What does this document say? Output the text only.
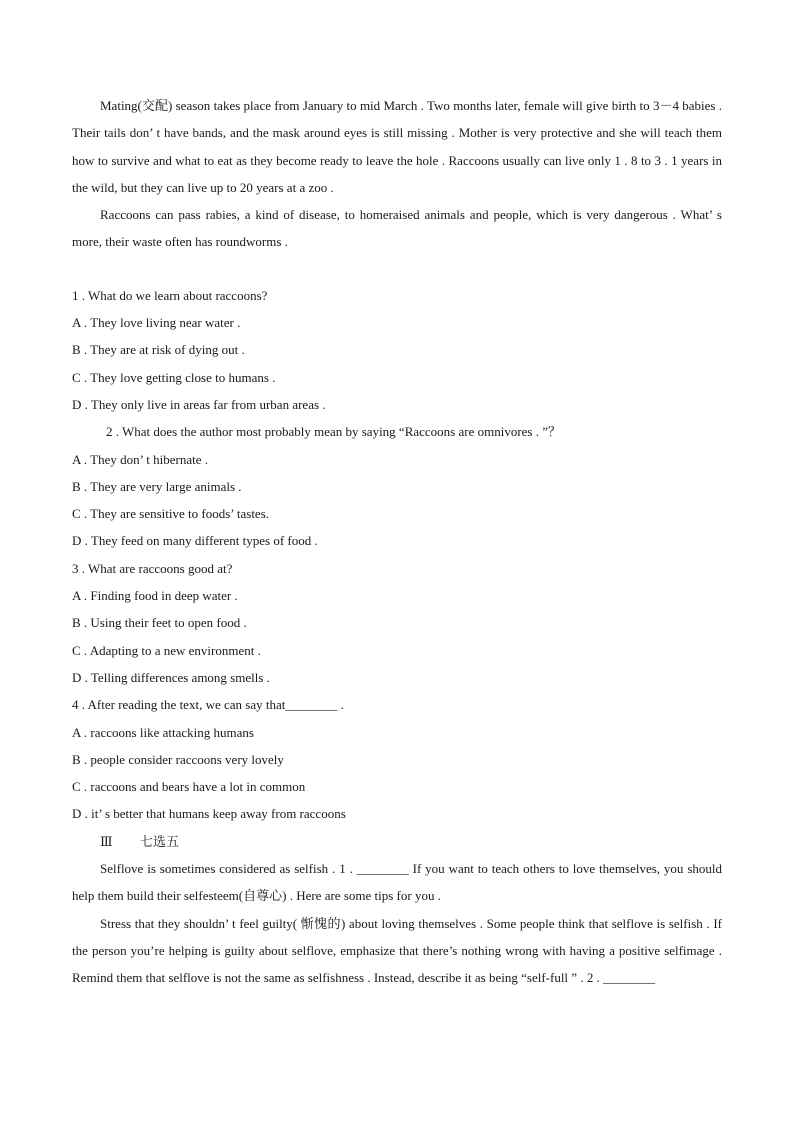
Mating(交配) season takes place from January to mid March . Two months later, female will give birth to 3－4 babies . Their tails don’ t have bands, and the mask around eyes is still missing . Mother is very protective and she will teach them how to survive and what to eat as they become ready to leave the hole . Raccoons usually can live only 1 . 8 to 3 . 1 years in the wild, but they can live up to 20 years at a zoo .

Raccoons can pass rabies, a kind of disease, to homeraised animals and people, which is very dangerous . What’ s more, their waste often has roundworms .

1 . What do we learn about raccoons?

A . They love living near water .

B . They are at risk of dying out .

C . They love getting close to humans .

D . They only live in areas far from urban areas .

2 . What does the author most probably mean by saying “Raccoons are omnivores . ”？

A . They don’ t hibernate .

B . They are very large animals .

C . They are sensitive to foods’ tastes.

D . They feed on many different types of food .

3 . What are raccoons good at?

A . Finding food in deep water .

B . Using their feet to open food .

C . Adapting to a new environment .

D . Telling differences among smells .

4 . After reading the text, we can say that________ .

A . raccoons like attacking humans

B . people consider raccoons very lovely

C . raccoons and bears have a lot in common

D . it’ s better that humans keep away from raccoons

Ⅲ 七选五

Selflove is sometimes considered as selfish . 1 . ________ If you want to teach others to love themselves, you should help them build their selfesteem(自尊心) . Here are some tips for you .

Stress that they shouldn’ t feel guilty( 惭愧的) about loving themselves . Some people think that selflove is selfish . If the person you’re helping is guilty about selflove, emphasize that there’s nothing wrong with having a positive selfimage . Remind them that selflove is not the same as selfishness . Instead, describe it as being “self-full ” . 2 . ________
